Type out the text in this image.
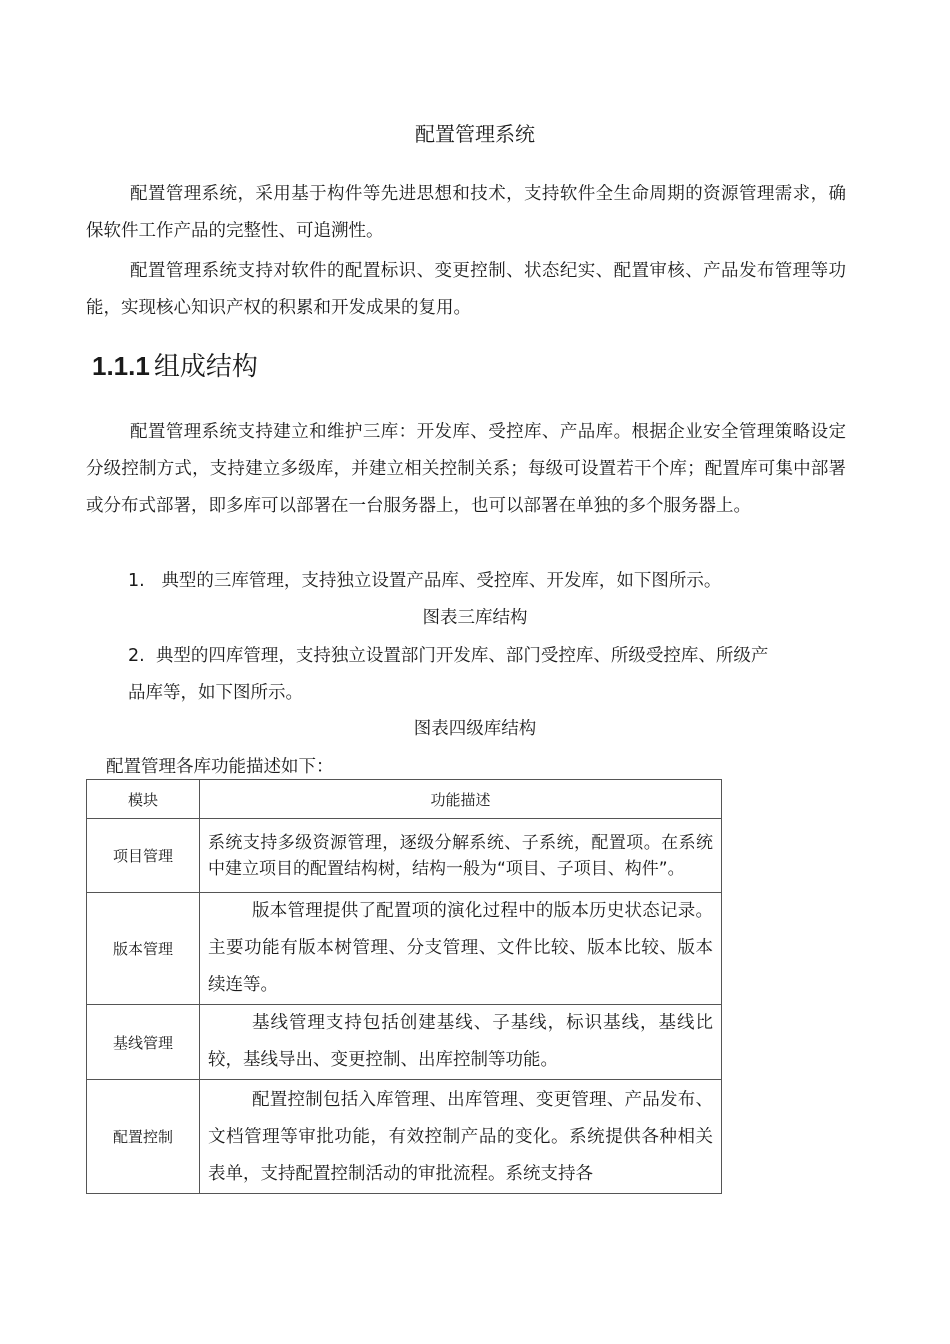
配置管理系统

配置管理系统，采用基于构件等先进思想和技术，支持软件全生命周期的资源管理需求，确保软件工作产品的完整性、可追溯性。

配置管理系统支持对软件的配置标识、变更控制、状态纪实、配置审核、产品发布管理等功能，实现核心知识产权的积累和开发成果的复用。

1.1.1 组成结构

配置管理系统支持建立和维护三库：开发库、受控库、产品库。根据企业安全管理策略设定分级控制方式，支持建立多级库，并建立相关控制关系；每级可设置若干个库；配置库可集中部署或分布式部署，即多库可以部署在一台服务器上，也可以部署在单独的多个服务器上。

1. 典型的三库管理，支持独立设置产品库、受控库、开发库，如下图所示。
图表三库结构
2. 典型的四库管理，支持独立设置部门开发库、部门受控库、所级受控库、所级产
品库等，如下图所示。
图表四级库结构
配置管理各库功能描述如下：
模块	功能描述
项目管理	系统支持多级资源管理，逐级分解系统、子系统，配置项。在系统中建立项目的配置结构树，结构一般为“项目、子项目、构件”。
版本管理	版本管理提供了配置项的演化过程中的版本历史状态记录。主要功能有版本树管理、分支管理、文件比较、版本比较、版本续连等。
基线管理	基线管理支持包括创建基线、子基线，标识基线，基线比较，基线导出、变更控制、出库控制等功能。
配置控制	配置控制包括入库管理、出库管理、变更管理、产品发布、文档管理等审批功能，有效控制产品的变化。系统提供各种相关表单，支持配置控制活动的审批流程。系统支持各
